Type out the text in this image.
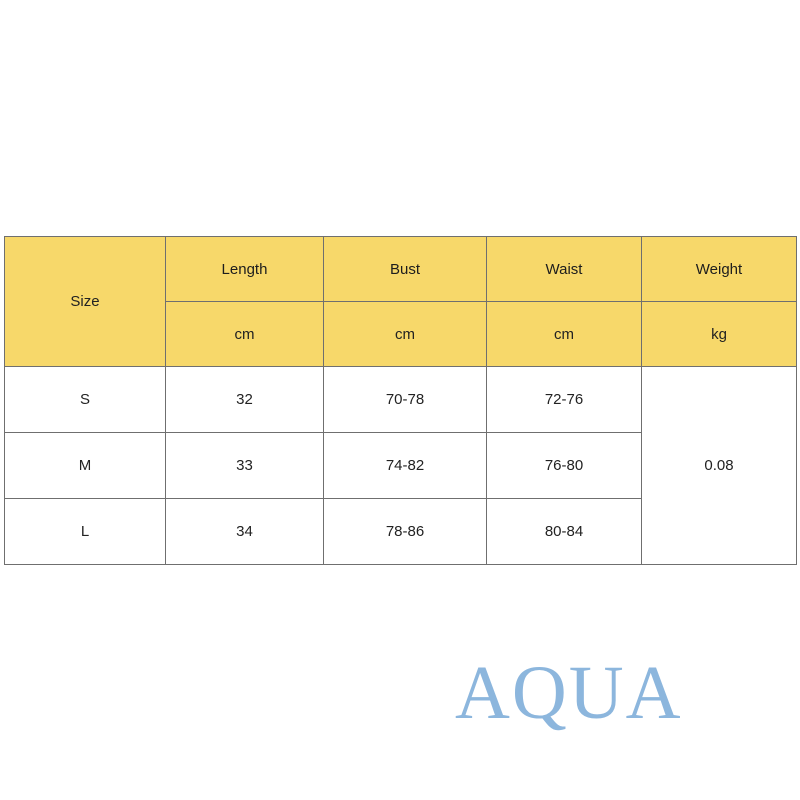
Size	Length	Bust	Waist	Weight
	cm	cm	cm	kg
S	32	70-78	72-76	0.08
M	33	74-82	76-80	
L	34	78-86	80-84	
AQUA
